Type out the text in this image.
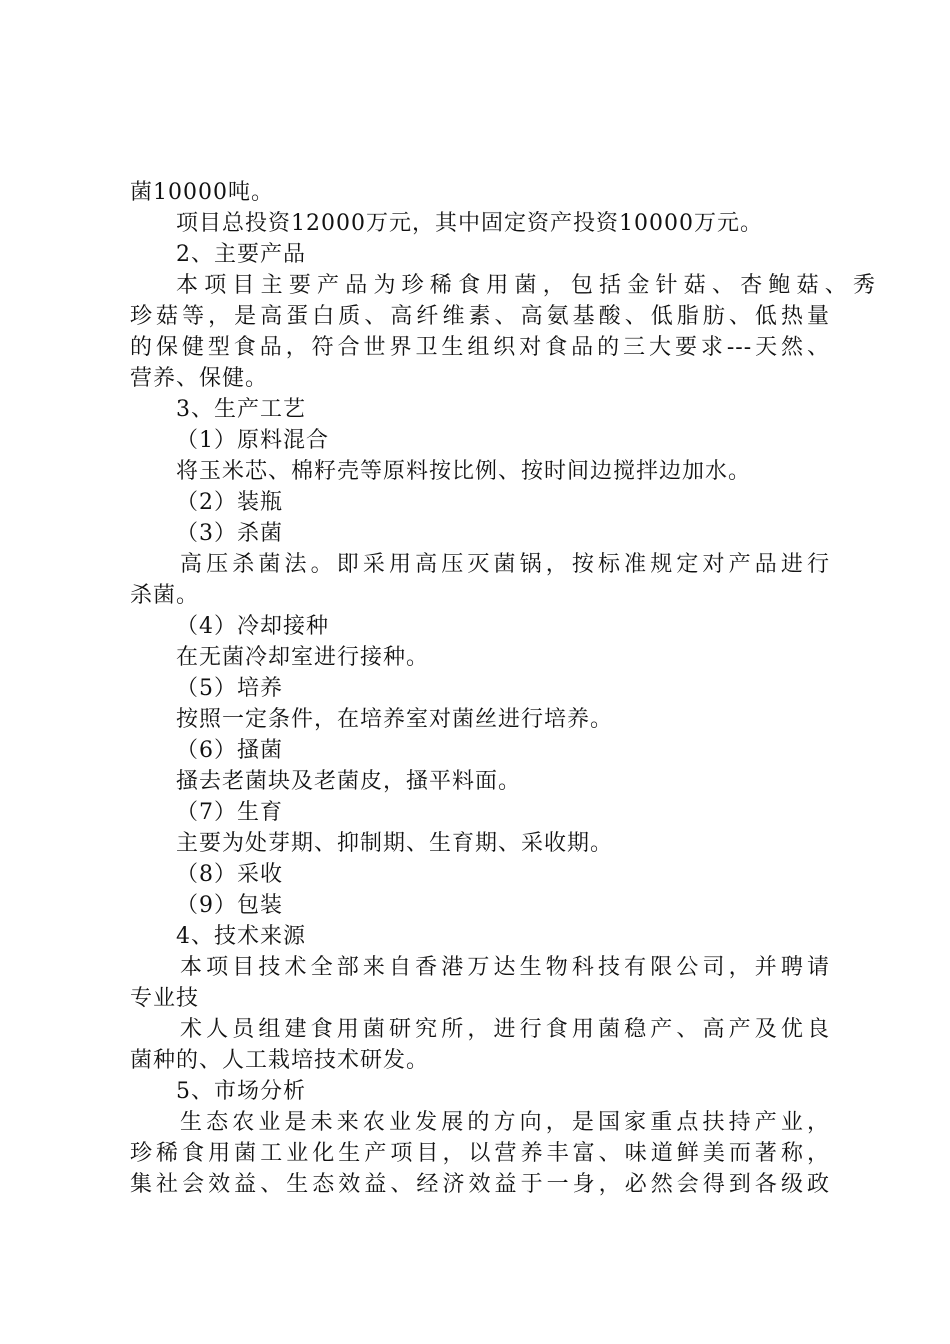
菌10000吨。
项目总投资12000万元，其中固定资产投资10000万元。
2、主要产品
本项目主要产品为珍稀食用菌，包括金针菇、杏鲍菇、秀
珍菇等，是高蛋白质、高纤维素、高氨基酸、低脂肪、低热量
的保健型食品，符合世界卫生组织对食品的三大要求---天然、
营养、保健。
3、生产工艺
（1）原料混合
将玉米芯、棉籽壳等原料按比例、按时间边搅拌边加水。
（2）装瓶
（3）杀菌
高压杀菌法。即采用高压灭菌锅，按标准规定对产品进行
杀菌。
（4）冷却接种
在无菌冷却室进行接种。
（5）培养
按照一定条件，在培养室对菌丝进行培养。
（6）搔菌
搔去老菌块及老菌皮，搔平料面。
（7）生育
主要为处芽期、抑制期、生育期、采收期。
（8）采收
（9）包装
4、技术来源
本项目技术全部来自香港万达生物科技有限公司，并聘请
专业技
术人员组建食用菌研究所，进行食用菌稳产、高产及优良
菌种的、人工栽培技术研发。
5、市场分析
生态农业是未来农业发展的方向，是国家重点扶持产业，
珍稀食用菌工业化生产项目，以营养丰富、味道鲜美而著称，
集社会效益、生态效益、经济效益于一身，必然会得到各级政
